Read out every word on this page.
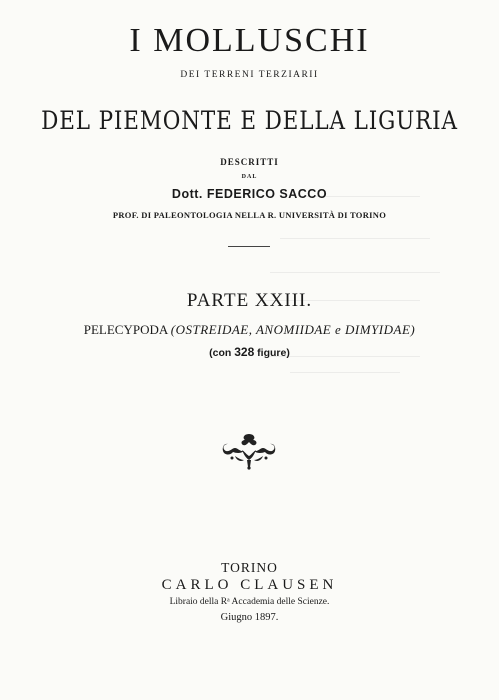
I MOLLUSCHI
DEI TERRENI TERZIARII
DEL PIEMONTE E DELLA LIGURIA
DESCRITTI
DAL
Dott. FEDERICO SACCO
PROF. DI PALEONTOLOGIA NELLA R. UNIVERSITÀ DI TORINO
PARTE XXIII.
PELECYPODA (OSTREIDAE, ANOMIIDAE e DIMYIDAE)
(con 328 figure)
TORINO
CARLO CLAUSEN
Libraio della Rᵃ Accademia delle Scienze.
Giugno 1897.
